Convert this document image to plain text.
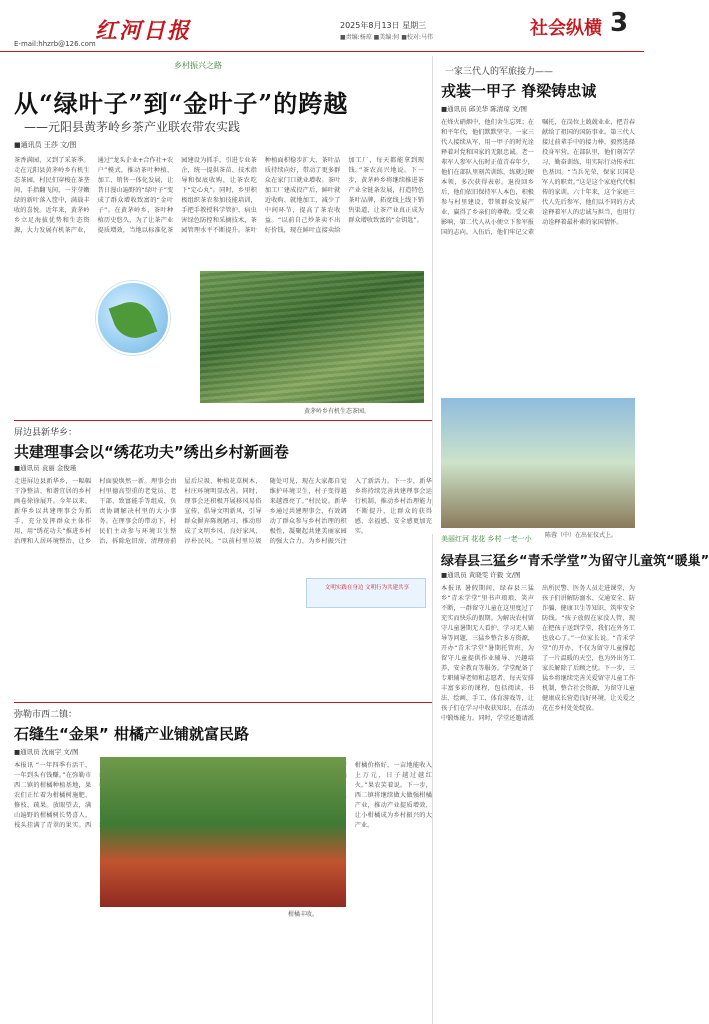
E-mail:hhzrb@126.com 红河日报	2025年8月13日 星期三
■责编:杨琼 ■美编:何 ■校对:马伟	社会纵横 3
乡村振兴之路
从“绿叶子”到“金叶子”的跨越
——元阳县黄茅岭乡茶产业联农带农实践
■通讯员 王莎 文/图
茶香满园，又到了采茶季。走在元阳县黄茅岭乡有机生态茶园，村民们穿梭在茶垄间，手指翻飞间，一芽芽嫩绿的新叶落入筐中，满载丰收的喜悦。近年来，黄茅岭乡立足海拔优势和生态资源，大力发展有机茶产业，通过“龙头企业+合作社+农户”模式，推动茶叶种植、加工、销售一体化发展，让昔日漫山遍野的“绿叶子”变成了群众增收致富的“金叶子”。在黄茅岭乡，茶叶种植历史悠久，为了让茶产业提质增效，当地以标准化茶园建设为抓手，引进专业茶企，统一提供茶苗、技术指导和保底收购，让茶农吃下“定心丸”。同时，乡里积极组织茶农参加技能培训，手把手教授科学管护、病虫害绿色防控和采摘技术，茶园管理水平不断提升。茶叶种植面积稳步扩大，茶叶品质持续向好，带动了更多群众在家门口就业增收。茶叶加工厂建成投产后，鲜叶就近收购、就地加工，减少了中间环节，提高了茶农收益。“以前自己炒茶卖不出好价钱，现在鲜叶直接卖给加工厂，每天都能拿到现钱。”茶农高兴地说。下一步，黄茅岭乡将继续推进茶产业全链条发展，打造特色茶叶品牌，拓宽线上线下销售渠道，让茶产业真正成为群众增收致富的“金钥匙”。
黄茅岭乡有机生态茶园。
一家三代人的军旅接力——
戎装一甲子 脊梁铸忠诚
■通讯员 邱美华 陈清琼 文/图
在烽火硝烟中，他们舍生忘死；在和平年代，他们默默坚守。一家三代人接续从军，用一甲子的时光诠释着对党和国家的无限忠诚。老一辈军人参军入伍时正值青春年少，他们在部队里刻苦训练，练就过硬本领，多次获得表彰。退役回乡后，他们依旧保持军人本色，积极参与村里建设，带领群众发展产业，赢得了乡亲们的尊敬。受父辈影响，第二代人从小便立下参军报国的志向。入伍后，他们牢记父辈嘱托，在岗位上兢兢业业，把青春献给了祖国的国防事业。第三代人接过前辈手中的接力棒，毅然选择投身军营。在部队里，他们刻苦学习、勤奋训练，用实际行动传承红色基因。“当兵光荣，保家卫国是军人的职责。”这是这个家庭代代相传的家训。六十年来，这个家庭三代人先后参军，他们以不同的方式诠释着军人的忠诚与担当，也用行动诠释着最朴素的家国情怀。
陈蓉（中）在出征仪式上。
屏边县新华乡：
共建理事会以“绣花功夫”绣出乡村新画卷
■通讯员 袁丽 金俊瑾
走进屏边县新华乡，一幅幅干净整洁、和谐宜居的乡村画卷徐徐展开。今年以来，新华乡以共建理事会为抓手，充分发挥群众主体作用，用“绣花功夫”推进乡村治理和人居环境整治，让乡村面貌焕然一新。理事会由村里德高望重的老党员、老干部、致富能手等组成，负责协调解决村里的大小事务。在理事会的带动下，村民们主动参与环境卫生整治，拆除危旧房、清理房前屋后垃圾、种植花草树木，村庄环境明显改善。同时，理事会还积极开展移风易俗宣传，倡导文明新风，引导群众摒弃陈规陋习，推动形成了文明乡风、良好家风、淳朴民风。“以前村里垃圾随处可见，现在大家都自觉维护环境卫生，村子变得越来越漂亮了。”村民说。新华乡通过共建理事会，有效调动了群众参与乡村治理的积极性，凝聚起共建美丽家园的强大合力，为乡村振兴注入了新活力。下一步，新华乡将持续完善共建理事会运行机制，推动乡村治理能力不断提升，让群众的获得感、幸福感、安全感更加充实。
文明实践在身边 文明行为共建共享
美丽红河 花花 乡村 一老一小
绿春县三猛乡“青禾学堂”为留守儿童筑“暖巢”
■通讯员 黄晓雯 许毅 文/图
本报讯 暑假期间，绿春县三猛乡“青禾学堂”里书声琅琅、笑声不断，一群留守儿童在这里度过了充实而快乐的假期。为解决农村留守儿童暑期无人看护、学习无人辅导等问题，三猛乡整合多方资源，开办“青禾学堂”暑期托管班，为留守儿童提供作业辅导、兴趣培养、安全教育等服务。学堂配备了专职辅导老师和志愿者，每天安排丰富多彩的课程，包括阅读、书法、绘画、手工、体育游戏等，让孩子们在学习中收获知识、在活动中锻炼能力。同时，学堂还邀请派出所民警、医务人员走进课堂，为孩子们讲解防溺水、交通安全、防诈骗、健康卫生等知识，筑牢安全防线。“孩子放假在家没人管，现在把孩子送到学堂，我们在外务工也放心了。”一位家长说。“青禾学堂”的开办，不仅为留守儿童撑起了一片温暖的天空，也为外出务工家长解除了后顾之忧。下一步，三猛乡将继续完善关爱留守儿童工作机制，整合社会资源，为留守儿童健康成长营造良好环境，让关爱之花在乡村处处绽放。
弥勒市西二镇：
石缝生“金果” 柑橘产业铺就富民路
■通讯员 沈雨宇 文/图
本报讯 “一年四季有活干，一年到头有钱赚。”在弥勒市西二镇的柑橘种植基地，果农们正忙着为柑橘树施肥、修枝、疏果。放眼望去，满山遍野的柑橘树长势喜人，枝头挂满了青翠的果实。西 柑橘价格好，一亩地能收入上万元，日子越过越红火。”果农笑着说。下一步，西二镇将继续做大做强柑橘产业，推动产业提质增效，让小柑橘成为乡村振兴的大产业。
柑橘丰收。
